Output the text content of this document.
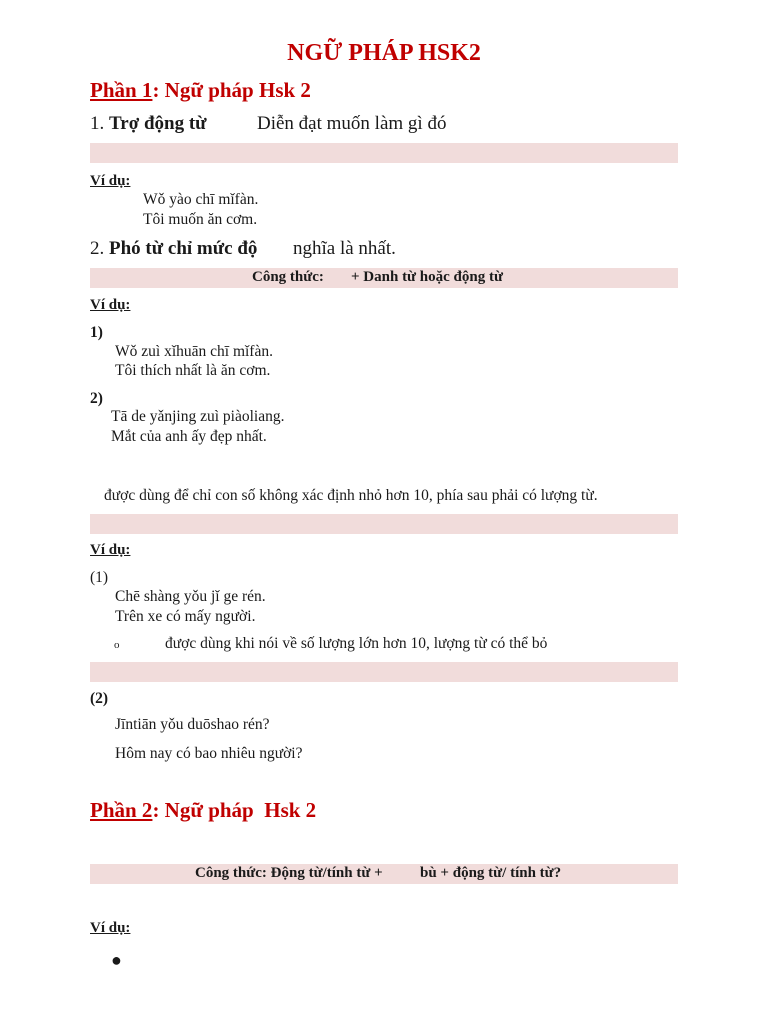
NGỮ PHÁP HSK2
Phần 1: Ngữ pháp Hsk 2
1. Trợ động từ	Diễn đạt muốn làm gì đó
Ví dụ:
Wǒ yào chī mǐfàn.
Tôi muốn ăn cơm.
2. Phó từ chỉ mức độ nghĩa là nhất.
Công thức: + Danh từ hoặc động từ
Ví dụ:
1)
Wǒ zuì xǐhuān chī mǐfàn.
Tôi thích nhất là ăn cơm.
2)
Tā de yǎnjing zuì piàoliang.
Mắt của anh ấy đẹp nhất.
được dùng để chỉ con số không xác định nhỏ hơn 10, phía sau phải có lượng từ.
Ví dụ:
(1)
Chē shàng yǒu jǐ ge rén.
Trên xe có mấy người.
o	được dùng khi nói về số lượng lớn hơn 10, lượng từ có thể bỏ
(2)
Jīntiān yǒu duōshao rén?
Hôm nay có bao nhiêu người?
Phần 2: Ngữ pháp  Hsk 2
Công thức: Động từ/tính từ + bù + động từ/ tính từ?
Ví dụ:
●
